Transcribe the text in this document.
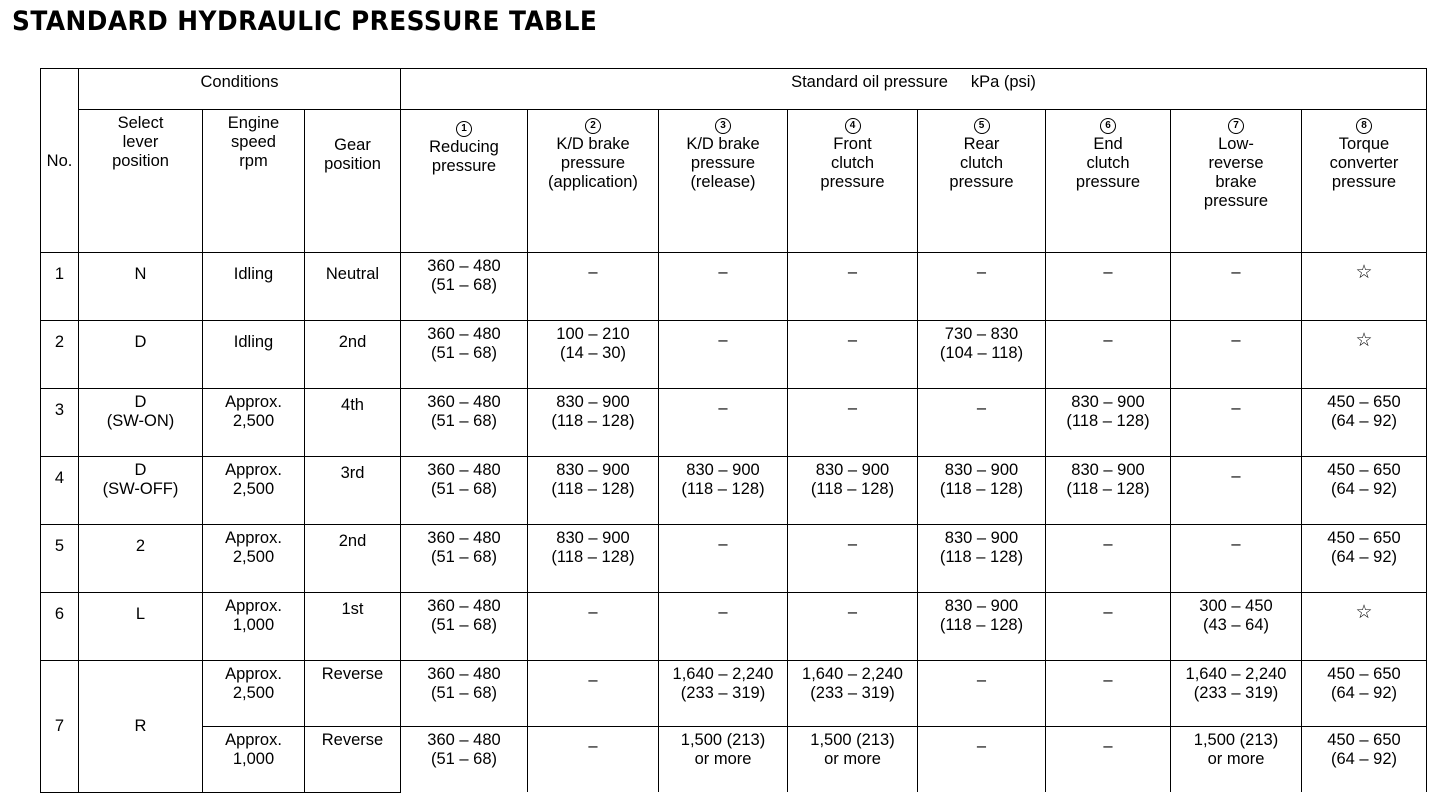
STANDARD HYDRAULIC PRESSURE TABLE
No.	Conditions			Standard oil pressure     kPa (psi)							

	Select
lever
position	Engine
speed
rpm	Gear
position	1
Reducing
pressure	2
K/D brake
pressure
(application)	3
K/D brake
pressure
(release)	4
Front
clutch
pressure	5
Rear
clutch
pressure	6
End
clutch
pressure	7
Low-
reverse
brake
pressure	8
Torque
converter
pressure

1	N	Idling	Neutral	360 – 480
(51 – 68)	–	–	–	–	–	–	☆

2	D	Idling	2nd	360 – 480
(51 – 68)	100 – 210
(14 – 30)	–	–	730 – 830
(104 – 118)	–	–	☆

3	D
(SW-ON)	Approx.
2,500	4th	360 – 480
(51 – 68)	830 – 900
(118 – 128)	–	–	–	830 – 900
(118 – 128)	–	450 – 650
(64 – 92)

4	D
(SW-OFF)	Approx.
2,500	3rd	360 – 480
(51 – 68)	830 – 900
(118 – 128)	830 – 900
(118 – 128)	830 – 900
(118 – 128)	830 – 900
(118 – 128)	830 – 900
(118 – 128)	–	450 – 650
(64 – 92)

5	2	Approx.
2,500	2nd	360 – 480
(51 – 68)	830 – 900
(118 – 128)	–	–	830 – 900
(118 – 128)	–	–	450 – 650
(64 – 92)

6	L	Approx.
1,000	1st	360 – 480
(51 – 68)	–	–	–	830 – 900
(118 – 128)	–	300 – 450
(43 – 64)	☆

7	R	Approx.
2,500	Reverse	360 – 480
(51 – 68)	–	1,640 – 2,240
(233 – 319)	1,640 – 2,240
(233 – 319)	–	–	1,640 – 2,240
(233 – 319)	450 – 650
(64 – 92)

		Approx.
1,000	Reverse	360 – 480
(51 – 68)	–	1,500 (213)
or more	1,500 (213)
or more	–	–	1,500 (213)
or more	450 – 650
(64 – 92)
